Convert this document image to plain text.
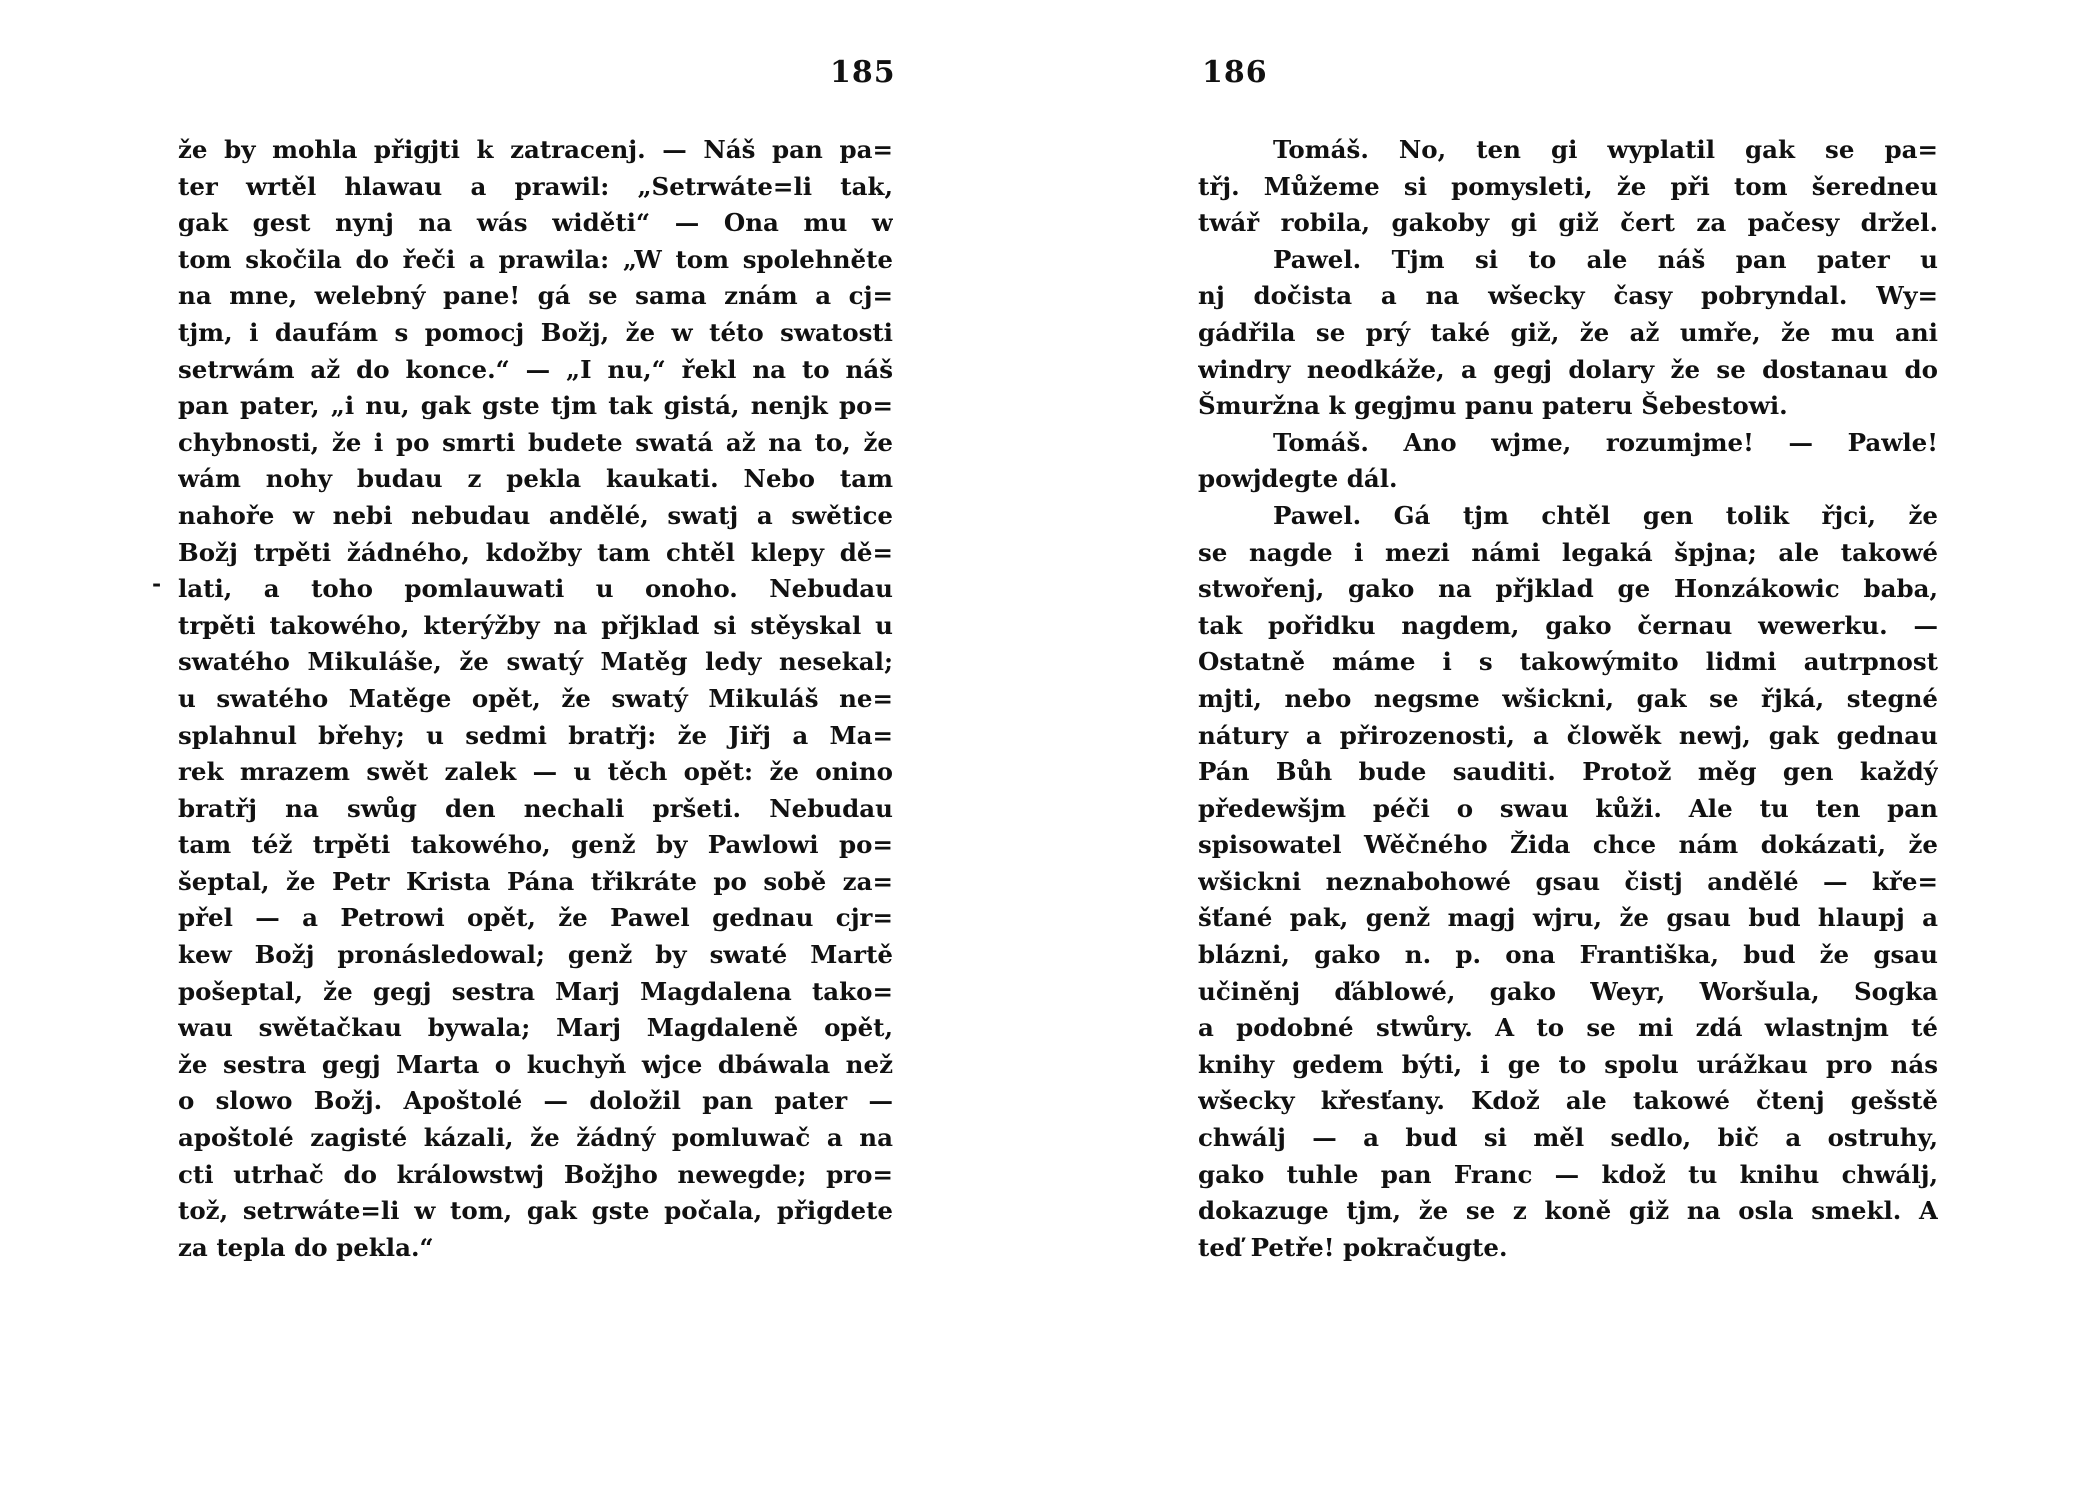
185
že by mohla přigjti k zatracenj. — Náš pan pa=
ter wrtěl hlawau a prawil: „Setrwáte=li tak,
gak gest nynj na wás widěti“ — Ona mu w
tom skočila do řeči a prawila: „W tom spolehněte
na mne, welebný pane! gá se sama znám a cj=
tjm, i daufám s pomocj Božj, že w této swatosti
setrwám až do konce.“ — „I nu,“ řekl na to náš
pan pater, „i nu, gak gste tjm tak gistá, nenjk po=
chybnosti, že i po smrti budete swatá až na to, že
wám nohy budau z pekla kaukati. Nebo tam
nahoře w nebi nebudau andělé, swatj a swětice
Božj trpěti žádného, kdožby tam chtěl klepy dě=
lati, a toho pomlauwati u onoho. Nebudau
trpěti takowého, kterýžby na přjklad si stěyskal u
swatého Mikuláše, že swatý Matěg ledy nesekal;
u swatého Matěge opět, že swatý Mikuláš ne=
splahnul břehy; u sedmi bratřj: že Jiřj a Ma=
rek mrazem swět zalek — u těch opět: že onino
bratřj na swůg den nechali pršeti. Nebudau
tam též trpěti takowého, genž by Pawlowi po=
šeptal, že Petr Krista Pána třikráte po sobě za=
přel — a Petrowi opět, že Pawel gednau cjr=
kew Božj pronásledowal; genž by swaté Martě
pošeptal, že gegj sestra Marj Magdalena tako=
wau swětačkau bywala; Marj Magdaleně opět,
že sestra gegj Marta o kuchyň wjce dbáwala než
o slowo Božj. Apoštolé — doložil pan pater —
apoštolé zagisté kázali, že žádný pomluwač a na
cti utrhač do králowstwj Božjho newegde; pro=
tož, setrwáte=li w tom, gak gste počala, přigdete
za tepla do pekla.“
-
186
Tomáš. No, ten gi wyplatil gak se pa=
třj. Můžeme si pomysleti, že při tom šeredneu
twář robila, gakoby gi giž čert za pačesy držel.
Pawel. Tjm si to ale náš pan pater u
nj dočista a na wšecky časy pobryndal. Wy=
gádřila se prý také giž, že až umře, že mu ani
windry neodkáže, a gegj dolary že se dostanau do
Šmuržna k gegjmu panu pateru Šebestowi.
Tomáš. Ano wjme, rozumjme! — Pawle!
powjdegte dál.
Pawel. Gá tjm chtěl gen tolik řjci, že
se nagde i mezi námi legaká špjna; ale takowé
stwořenj, gako na přjklad ge Honzákowic baba,
tak pořidku nagdem, gako černau wewerku. —
Ostatně máme i s takowýmito lidmi autrpnost
mjti, nebo negsme wšickni, gak se řjká, stegné
nátury a přirozenosti, a člowěk newj, gak gednau
Pán Bůh bude sauditi. Protož měg gen každý
předewšjm péči o swau kůži. Ale tu ten pan
spisowatel Wěčného Žida chce nám dokázati, že
wšickni neznabohowé gsau čistj andělé — kře=
šťané pak, genž magj wjru, že gsau bud hlaupj a
blázni, gako n. p. ona Františka, bud že gsau
učiněnj ďáblowé, gako Weyr, Woršula, Sogka
a podobné stwůry. A to se mi zdá wlastnjm té
knihy gedem býti, i ge to spolu urážkau pro nás
wšecky křesťany. Kdož ale takowé čtenj gešstě
chwálj — a bud si měl sedlo, bič a ostruhy,
gako tuhle pan Franc — kdož tu knihu chwálj,
dokazuge tjm, že se z koně giž na osla smekl. A
teď Petře! pokračugte.
